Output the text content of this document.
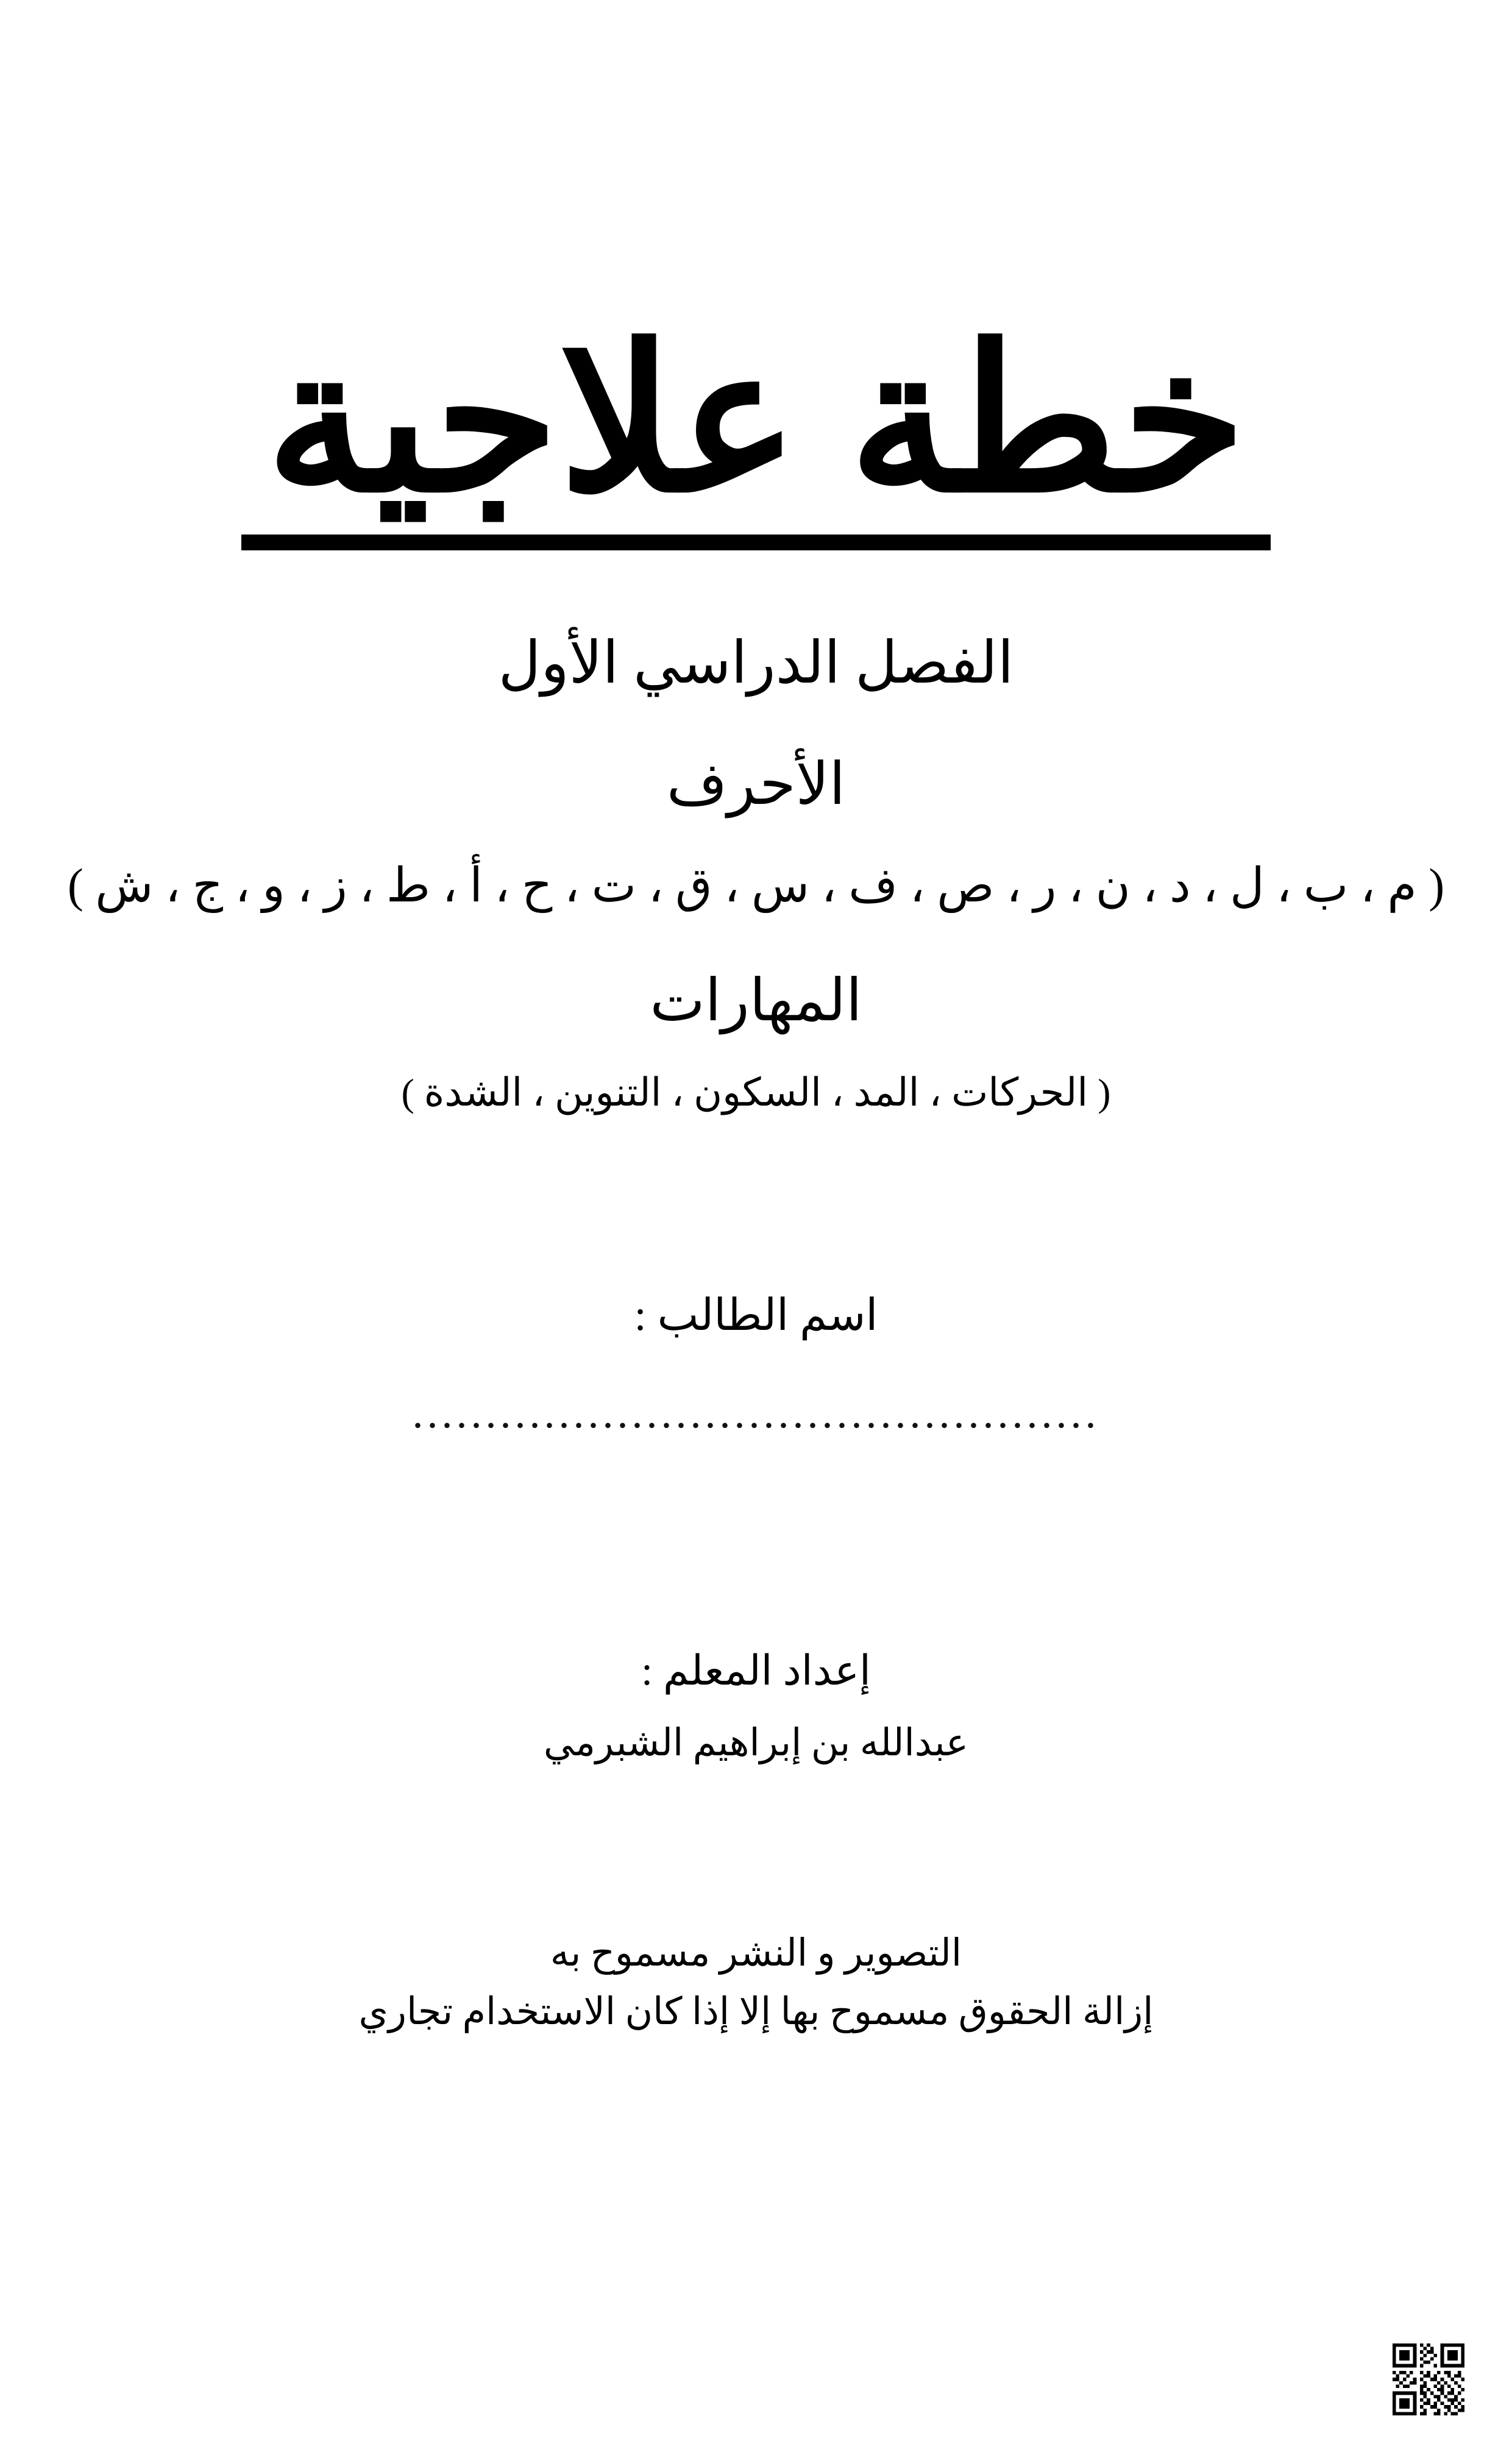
خطة علاجية
الفصل الدراسي الأول
الأحرف
( م ، ب ، ل ، د ، ن ، ر ، ص ، ف ، س ، ق ، ت ، ح ، أ ، ط ، ز ، و ، ج ، ش )
المهارات
( الحركات ، المد ، السكون ، التنوين ، الشدة )
اسم الطالب :
...............................................
إعداد المعلم :
عبدالله بن إبراهيم الشبرمي
التصوير و النشر مسموح به
إزالة الحقوق مسموح بها إلا إذا كان الاستخدام تجاري
